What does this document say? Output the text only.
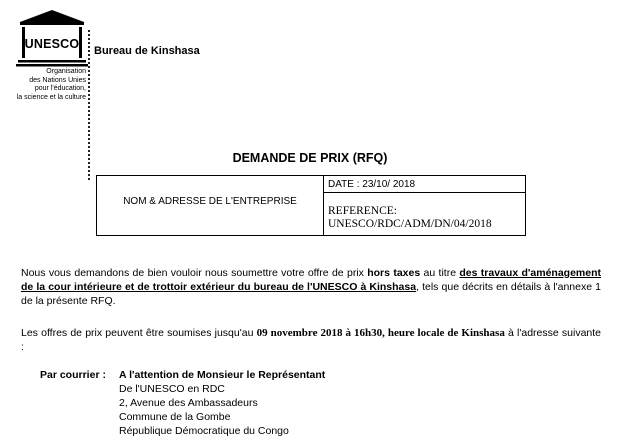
UNESCO
Organisation
des Nations Unies
pour l'éducation,
la science et la culture
Bureau de Kinshasa
DEMANDE DE PRIX (RFQ)
NOM & ADRESSE DE L'ENTREPRISE	DATE : 23/10/ 2018

REFERENCE:
UNESCO/RDC/ADM/DN/04/2018
Nous vous demandons de bien vouloir nous soumettre votre offre de prix hors taxes au titre des travaux d'aménagement de la cour intérieure et de trottoir extérieur du bureau de l'UNESCO à Kinshasa, tels que décrits en détails à l'annexe 1 de la présente RFQ.
Les offres de prix peuvent être soumises jusqu'au 09 novembre 2018 à 16h30, heure locale de Kinshasa à l'adresse suivante :
Par courrier : A l'attention de Monsieur le Représentant
De l'UNESCO en RDC
2, Avenue des Ambassadeurs
Commune de la Gombe
République Démocratique du Congo
